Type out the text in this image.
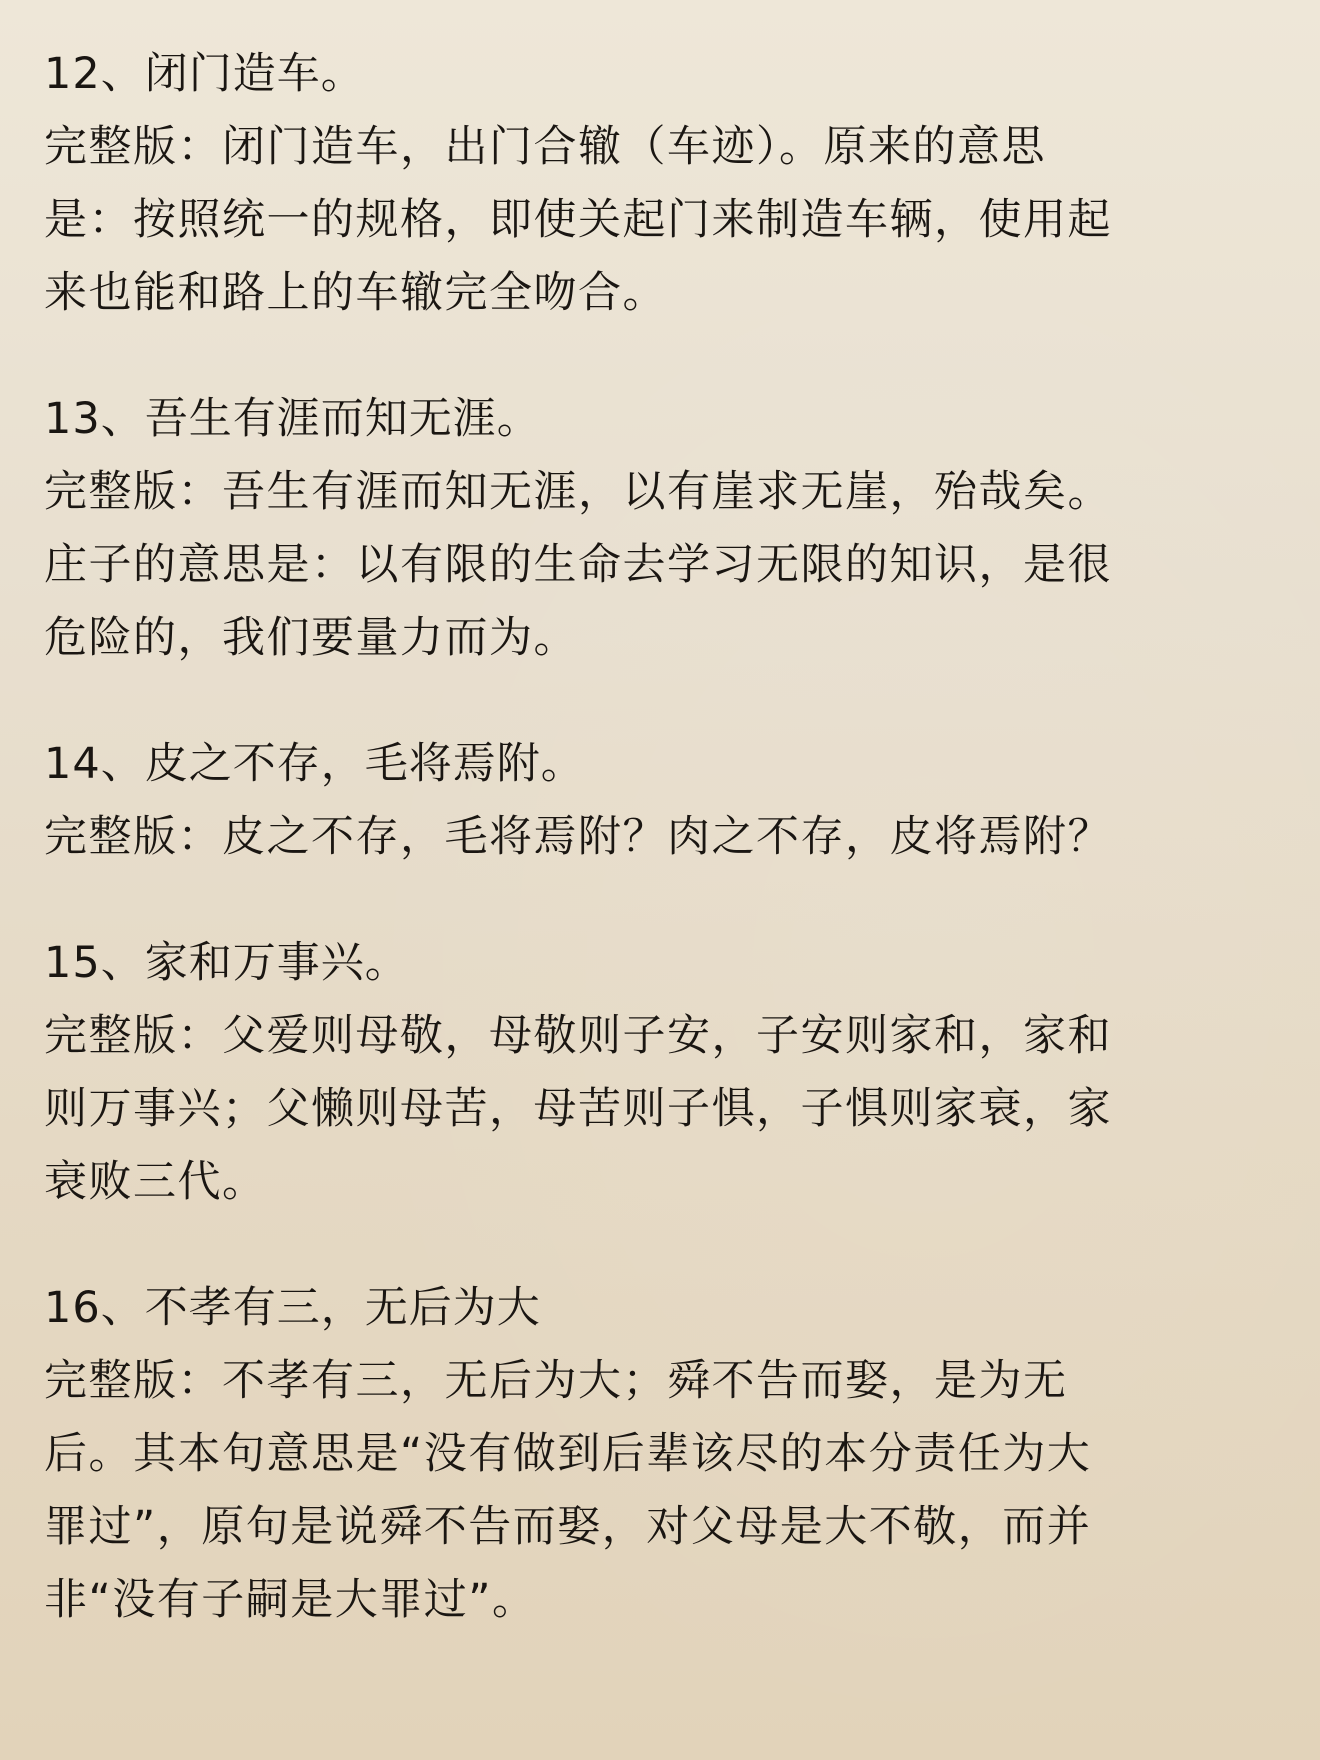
12、闭门造车。

完整版：闭门造车，出门合辙（车迹）。原来的意思

是：按照统一的规格，即使关起门来制造车辆，使用起

来也能和路上的车辙完全吻合。

13、吾生有涯而知无涯。

完整版：吾生有涯而知无涯，以有崖求无崖，殆哉矣。

庄子的意思是：以有限的生命去学习无限的知识，是很

危险的，我们要量力而为。

14、皮之不存，毛将焉附。

完整版：皮之不存，毛将焉附？肉之不存，皮将焉附？

15、家和万事兴。

完整版：父爱则母敬，母敬则子安，子安则家和，家和

则万事兴；父懒则母苦，母苦则子惧，子惧则家衰，家

衰败三代。

16、不孝有三，无后为大

完整版：不孝有三，无后为大；舜不告而娶，是为无

后。其本句意思是“没有做到后辈该尽的本分责任为大

罪过”，原句是说舜不告而娶，对父母是大不敬，而并

非“没有子嗣是大罪过”。
